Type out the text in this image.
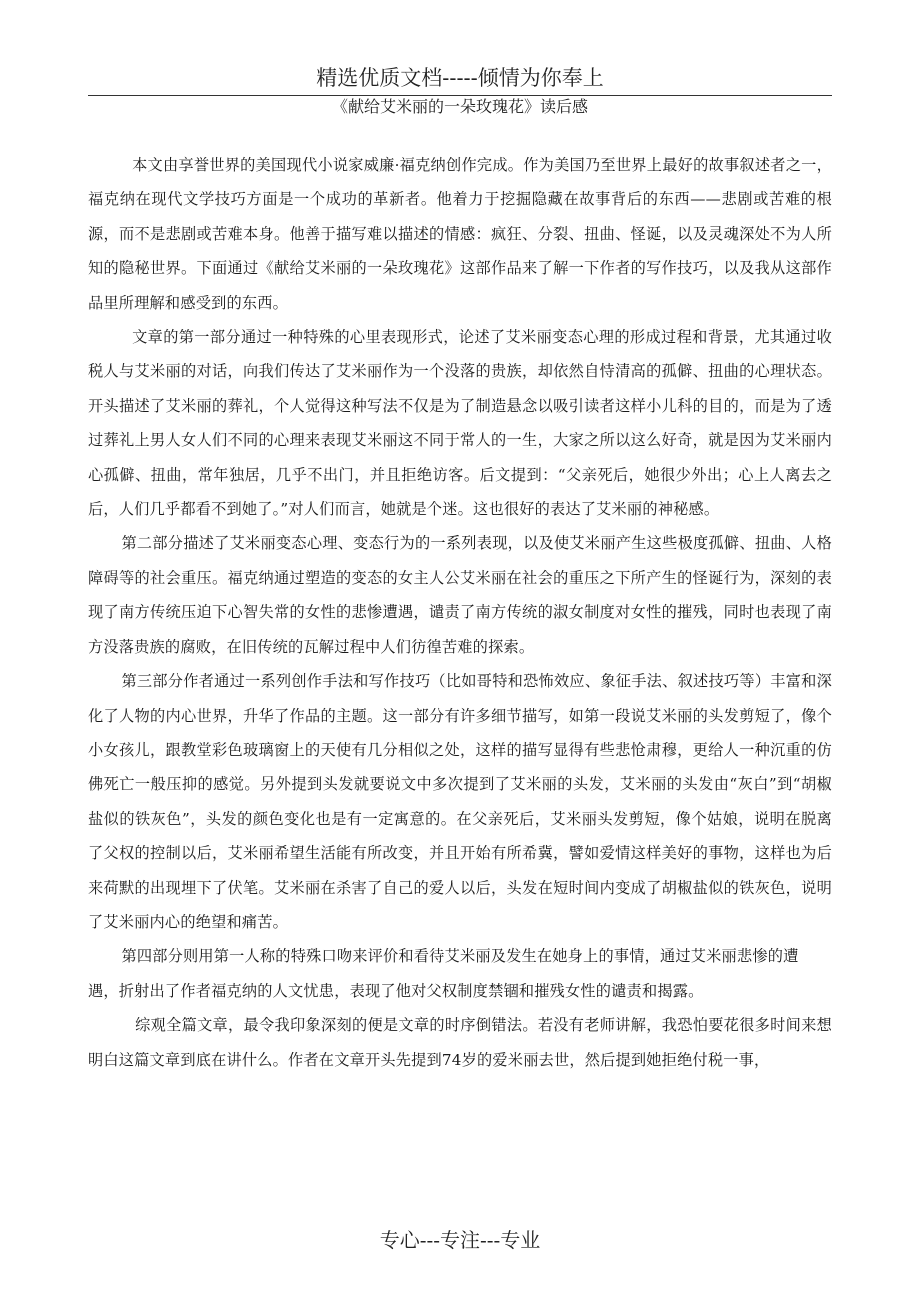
精选优质文档-----倾情为你奉上
《献给艾米丽的一朵玫瑰花》读后感

本文由享誉世界的美国现代小说家威廉·福克纳创作完成。作为美国乃至世界上最好的故事叙述者之一，福克纳在现代文学技巧方面是一个成功的革新者。他着力于挖掘隐藏在故事背后的东西——悲剧或苦难的根源，而不是悲剧或苦难本身。他善于描写难以描述的情感：疯狂、分裂、扭曲、怪诞，以及灵魂深处不为人所知的隐秘世界。下面通过《献给艾米丽的一朵玫瑰花》这部作品来了解一下作者的写作技巧，以及我从这部作品里所理解和感受到的东西。

文章的第一部分通过一种特殊的心里表现形式，论述了艾米丽变态心理的形成过程和背景，尤其通过收税人与艾米丽的对话，向我们传达了艾米丽作为一个没落的贵族，却依然自恃清高的孤僻、扭曲的心理状态。开头描述了艾米丽的葬礼，个人觉得这种写法不仅是为了制造悬念以吸引读者这样小儿科的目的，而是为了透过葬礼上男人女人们不同的心理来表现艾米丽这不同于常人的一生，大家之所以这么好奇，就是因为艾米丽内心孤僻、扭曲，常年独居，几乎不出门，并且拒绝访客。后文提到：“父亲死后，她很少外出；心上人离去之后，人们几乎都看不到她了。”对人们而言，她就是个迷。这也很好的表达了艾米丽的神秘感。

第二部分描述了艾米丽变态心理、变态行为的一系列表现，以及使艾米丽产生这些极度孤僻、扭曲、人格障碍等的社会重压。福克纳通过塑造的变态的女主人公艾米丽在社会的重压之下所产生的怪诞行为，深刻的表现了南方传统压迫下心智失常的女性的悲惨遭遇，谴责了南方传统的淑女制度对女性的摧残，同时也表现了南方没落贵族的腐败，在旧传统的瓦解过程中人们彷徨苦难的探索。

第三部分作者通过一系列创作手法和写作技巧（比如哥特和恐怖效应、象征手法、叙述技巧等）丰富和深化了人物的内心世界，升华了作品的主题。这一部分有许多细节描写，如第一段说艾米丽的头发剪短了，像个小女孩儿，跟教堂彩色玻璃窗上的天使有几分相似之处，这样的描写显得有些悲怆肃穆，更给人一种沉重的仿佛死亡一般压抑的感觉。另外提到头发就要说文中多次提到了艾米丽的头发，艾米丽的头发由“灰白”到“胡椒盐似的铁灰色”，头发的颜色变化也是有一定寓意的。在父亲死后，艾米丽头发剪短，像个姑娘，说明在脱离了父权的控制以后，艾米丽希望生活能有所改变，并且开始有所希冀，譬如爱情这样美好的事物，这样也为后来荷默的出现埋下了伏笔。艾米丽在杀害了自己的爱人以后，头发在短时间内变成了胡椒盐似的铁灰色，说明了艾米丽内心的绝望和痛苦。

第四部分则用第一人称的特殊口吻来评价和看待艾米丽及发生在她身上的事情，通过艾米丽悲惨的遭

遇，折射出了作者福克纳的人文忧患，表现了他对父权制度禁锢和摧残女性的谴责和揭露。

综观全篇文章，最令我印象深刻的便是文章的时序倒错法。若没有老师讲解，我恐怕要花很多时间来想明白这篇文章到底在讲什么。作者在文章开头先提到74岁的爱米丽去世，然后提到她拒绝付税一事，

专心---专注---专业
